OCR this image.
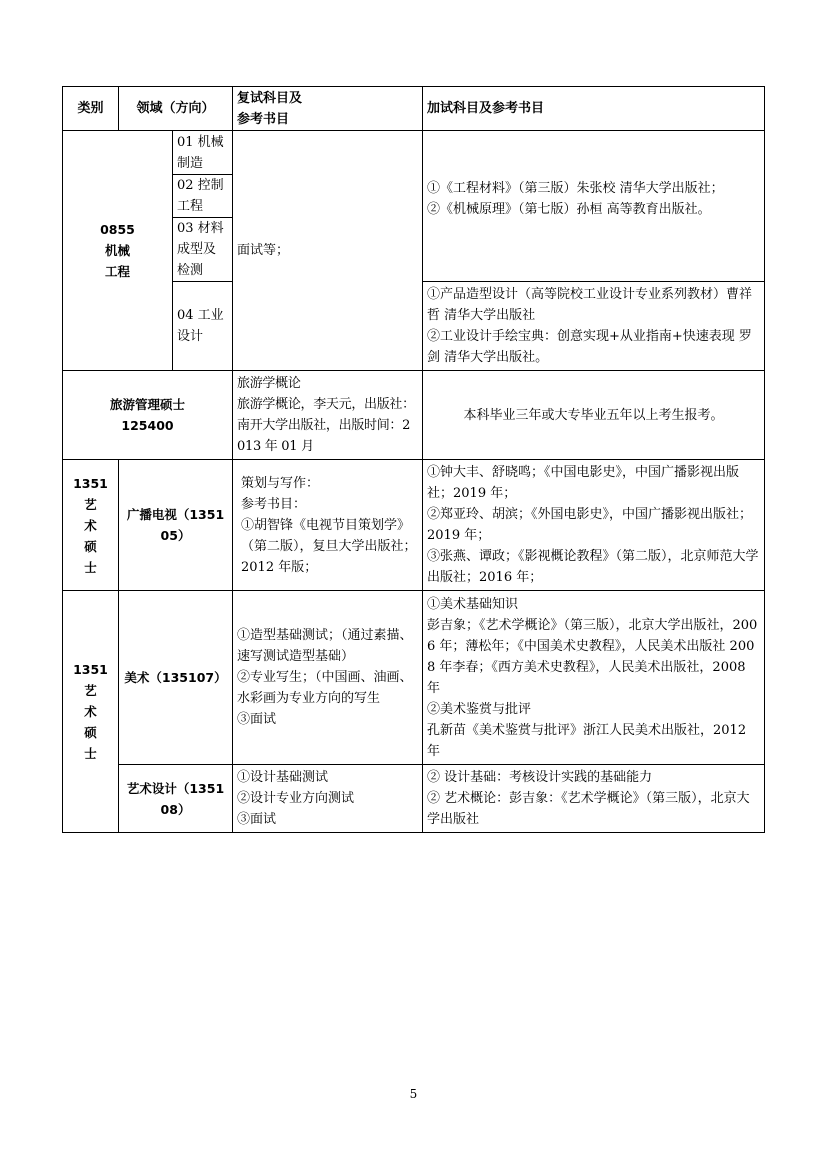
类别	领域（方向）		复试科目及
参考书目	加试科目及参考书目
0855
机械
工程		01 机械制造	面试等；	①《工程材料》（第三版）朱张校 清华大学出版社；
②《机械原理》（第七版）孙桓 高等教育出版社。
		02 控制工程		
		03 材料成型及
检测		
		04 工业设计		①产品造型设计（高等院校工业设计专业系列教材）曹祥哲 清华大学出版社
②工业设计手绘宝典：创意实现+从业指南+快速表现 罗剑 清华大学出版社。
旅游管理硕士
125400			旅游学概论
旅游学概论，李天元，出版社：南开大学出版社，出版时间：2013 年 01 月	本科毕业三年或大专毕业五年以上考生报考。
1351
艺
术
硕
士	广播电视（135105）		策划与写作：
参考书目：
①胡智锋《电视节目策划学》（第二版），复旦大学出版社；2012 年版；	①钟大丰、舒晓鸣；《中国电影史》，中国广播影视出版社；2019 年；
②郑亚玲、胡滨；《外国电影史》，中国广播影视出版社；2019 年；
③张燕、谭政；《影视概论教程》（第二版），北京师范大学出版社；2016 年；
1351
艺
术
硕
士	美术（135107）		①造型基础测试；（通过素描、速写测试造型基础）
②专业写生；（中国画、油画、水彩画为专业方向的写生
③面试	①美术基础知识
彭吉象；《艺术学概论》（第三版），北京大学出版社，2006 年；薄松年；《中国美术史教程》，人民美术出版社 2008 年李春；《西方美术史教程》，人民美术出版社，2008 年
②美术鉴赏与批评
孔新苗《美术鉴赏与批评》浙江人民美术出版社，2012 年
	艺术设计（135108）		①设计基础测试
②设计专业方向测试
③面试	② 设计基础：考核设计实践的基础能力
② 艺术概论：彭吉象：《艺术学概论》（第三版），北京大学出版社
5
